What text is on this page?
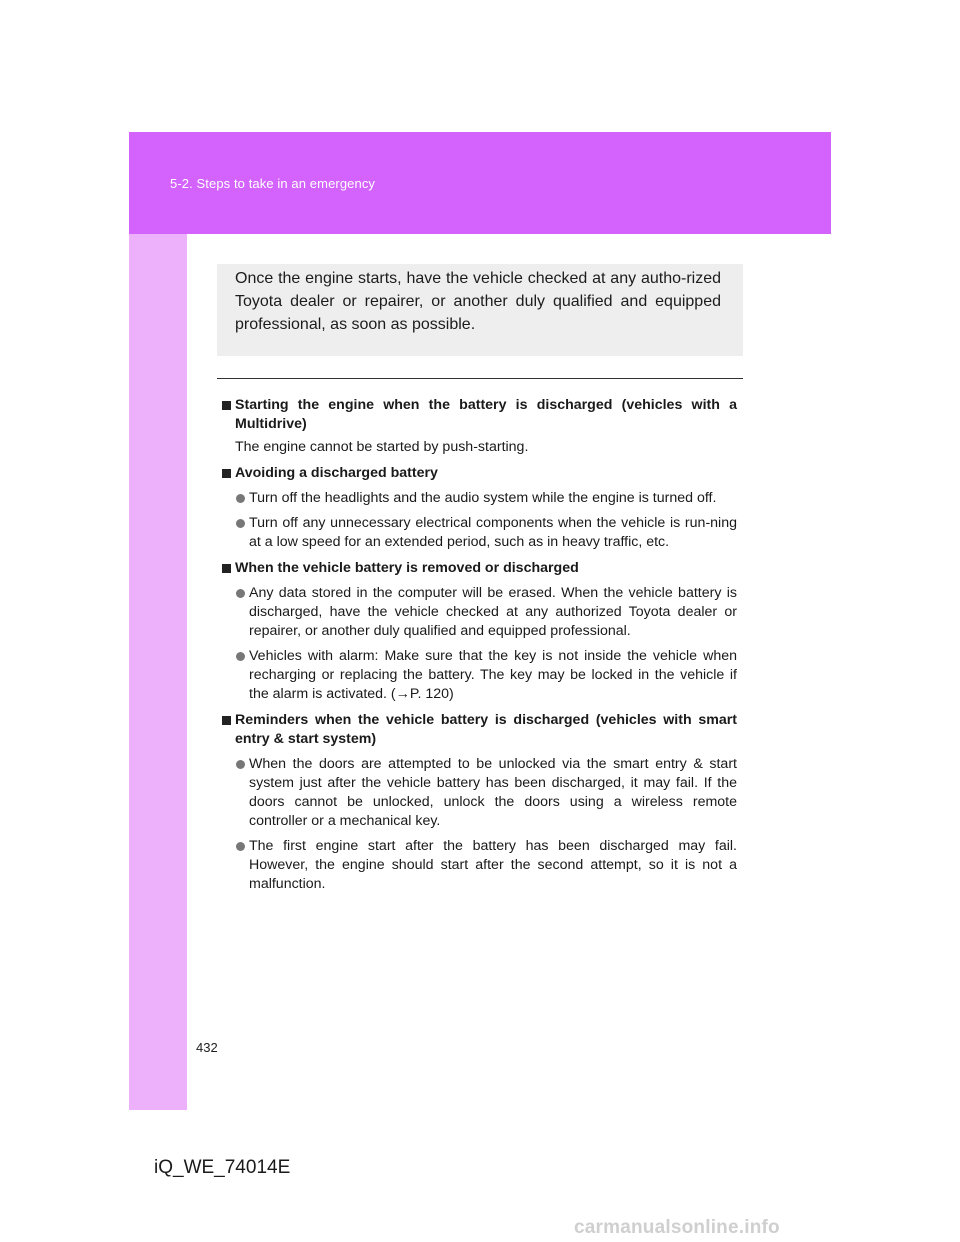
5-2. Steps to take in an emergency
Once the engine starts, have the vehicle checked at any autho-rized Toyota dealer or repairer, or another duly qualified and equipped professional, as soon as possible.
Starting the engine when the battery is discharged (vehicles with a Multidrive)
The engine cannot be started by push-starting.
Avoiding a discharged battery
Turn off the headlights and the audio system while the engine is turned off.
Turn off any unnecessary electrical components when the vehicle is run-ning at a low speed for an extended period, such as in heavy traffic, etc.
When the vehicle battery is removed or discharged
Any data stored in the computer will be erased. When the vehicle battery is discharged, have the vehicle checked at any authorized Toyota dealer or repairer, or another duly qualified and equipped professional.
Vehicles with alarm: Make sure that the key is not inside the vehicle when recharging or replacing the battery. The key may be locked in the vehicle if the alarm is activated. (→P. 120)
Reminders when the vehicle battery is discharged (vehicles with smart entry & start system)
When the doors are attempted to be unlocked via the smart entry & start system just after the vehicle battery has been discharged, it may fail. If the doors cannot be unlocked, unlock the doors using a wireless remote controller or a mechanical key.
The first engine start after the battery has been discharged may fail. However, the engine should start after the second attempt, so it is not a malfunction.
432
iQ_WE_74014E
carmanualsonline.info
